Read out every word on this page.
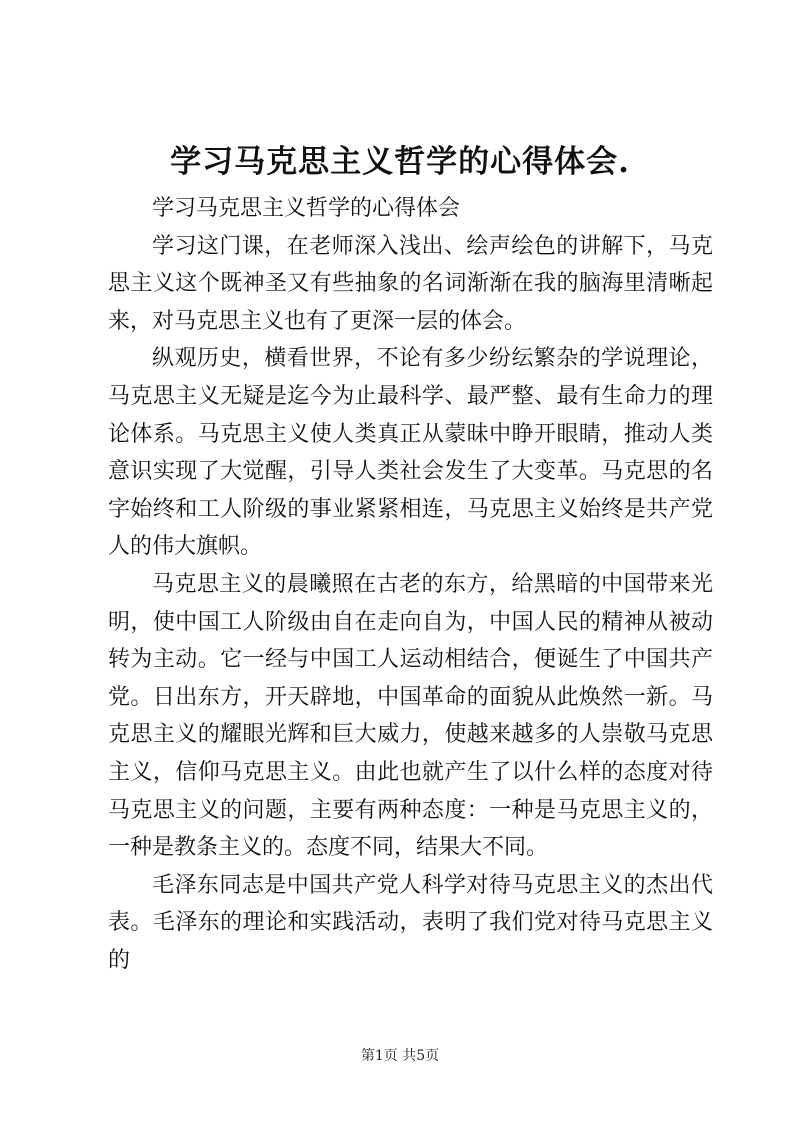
学习马克思主义哲学的心得体会.

学习马克思主义哲学的心得体会

学习这门课，在老师深入浅出、绘声绘色的讲解下，马克思主义这个既神圣又有些抽象的名词渐渐在我的脑海里清晰起来，对马克思主义也有了更深一层的体会。

纵观历史，横看世界，不论有多少纷纭繁杂的学说理论，马克思主义无疑是迄今为止最科学、最严整、最有生命力的理论体系。马克思主义使人类真正从蒙昧中睁开眼睛，推动人类意识实现了大觉醒，引导人类社会发生了大变革。马克思的名字始终和工人阶级的事业紧紧相连，马克思主义始终是共产党人的伟大旗帜。

马克思主义的晨曦照在古老的东方，给黑暗的中国带来光明，使中国工人阶级由自在走向自为，中国人民的精神从被动转为主动。它一经与中国工人运动相结合，便诞生了中国共产党。日出东方，开天辟地，中国革命的面貌从此焕然一新。马克思主义的耀眼光辉和巨大威力，使越来越多的人崇敬马克思主义，信仰马克思主义。由此也就产生了以什么样的态度对待马克思主义的问题，主要有两种态度：一种是马克思主义的，一种是教条主义的。态度不同，结果大不同。

毛泽东同志是中国共产党人科学对待马克思主义的杰出代表。毛泽东的理论和实践活动，表明了我们党对待马克思主义的

第1页 共5页
